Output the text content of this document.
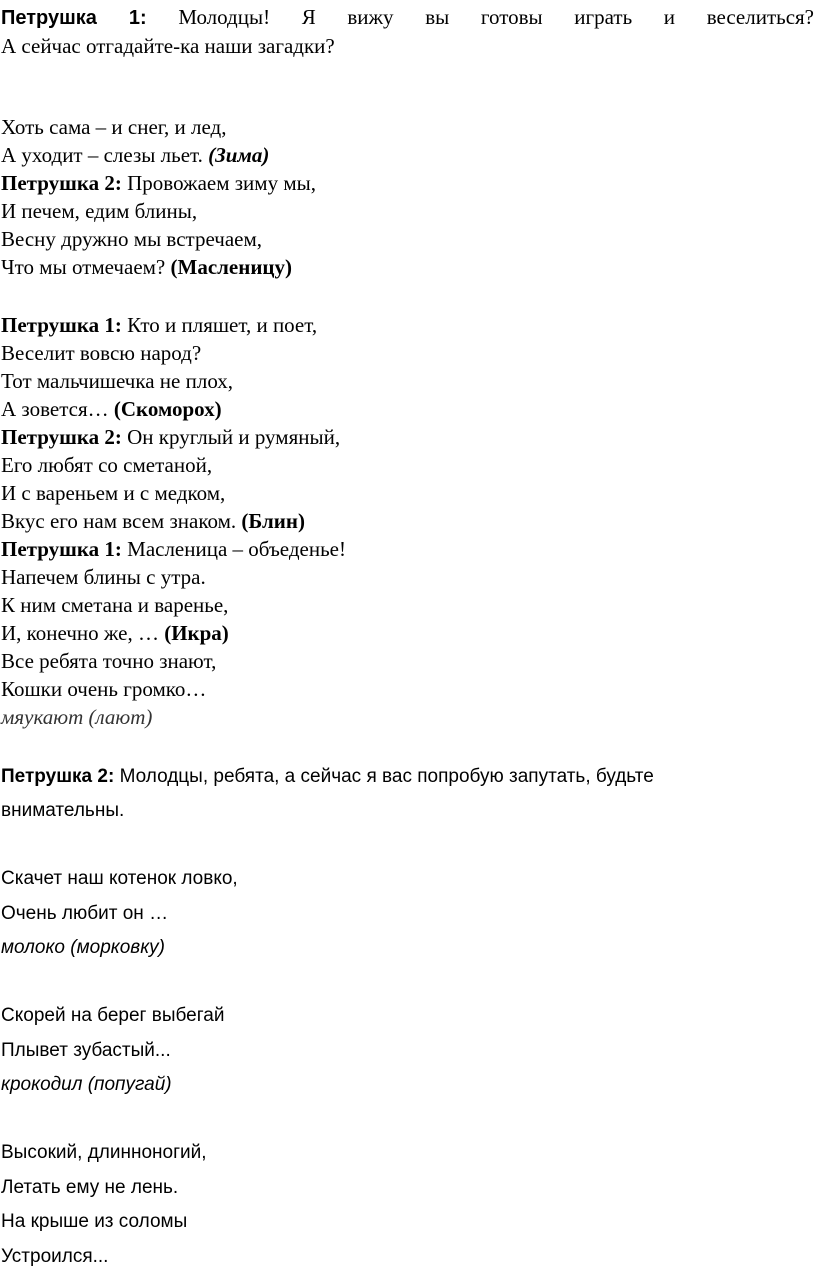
Петрушка 1: Молодцы! Я вижу вы готовы играть и веселиться?
А сейчас отгадайте-ка наши загадки?
Хоть сама – и снег, и лед,
А уходит – слезы льет. (Зима)
Петрушка 2: Провожаем зиму мы,
И печем, едим блины,
Весну дружно мы встречаем,
Что мы отмечаем? (Масленицу)
Петрушка 1: Кто и пляшет, и поет,
Веселит вовсю народ?
Тот мальчишечка не плох,
А зовется… (Скоморох)
Петрушка 2: Он круглый и румяный,
Его любят со сметаной,
И с вареньем и с медком,
Вкус его нам всем знаком. (Блин)
Петрушка 1: Масленица – объеденье!
Напечем блины с утра.
К ним сметана и варенье,
И, конечно же, … (Икра)
Все ребята точно знают,
Кошки очень громко…
мяукают (лают)
Петрушка 2: Молодцы, ребята, а сейчас я вас попробую запутать, будьте
внимательны.
Скачет наш котенок ловко,
Очень любит он …
молоко (морковку)
Скорей на берег выбегай
Плывет зубастый...
крокодил (попугай)
Высокий, длинноногий,
Летать ему не лень.
На крыше из соломы
Устроился...
